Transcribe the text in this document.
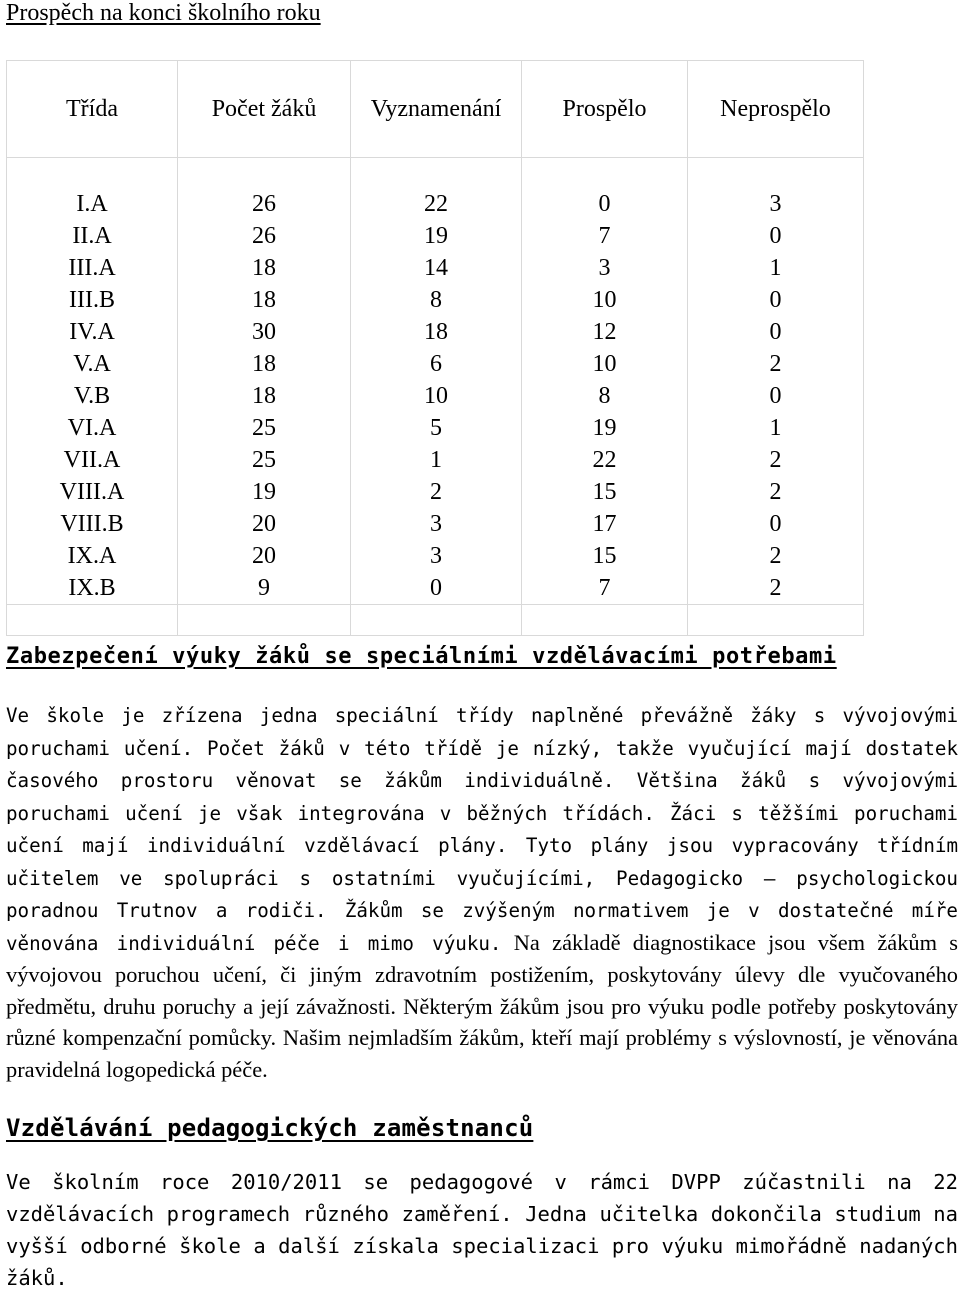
Prospěch na konci školního roku
Třída	Počet žáků	Vyznamenání	Prospělo	Neprospělo
I.A	26	22	0	3
II.A	26	19	7	0
III.A	18	14	3	1
III.B	18	8	10	0
IV.A	30	18	12	0
V.A	18	6	10	2
V.B	18	10	8	0
VI.A	25	5	19	1
VII.A	25	1	22	2
VIII.A	19	2	15	2
VIII.B	20	3	17	0
IX.A	20	3	15	2
IX.B	9	0	7	2

Zabezpečení výuky žáků se speciálními vzdělávacími potřebami
Ve škole je zřízena jedna speciální třídy naplněné převážně žáky s vývojovými poruchami učení. Počet žáků v této třídě je nízký, takže vyučující mají dostatek časového prostoru věnovat se žákům individuálně. Většina žáků s vývojovými poruchami učení je však integrována v běžných třídách. Žáci s těžšími poruchami učení mají individuální vzdělávací plány. Tyto plány jsou vypracovány třídním učitelem ve spolupráci s ostatními vyučujícími, Pedagogicko – psychologickou poradnou Trutnov a rodiči. Žákům se zvýšeným normativem je v dostatečné míře věnována individuální péče i mimo výuku. Na základě diagnostikace jsou všem žákům s vývojovou poruchou učení, či jiným zdravotním postižením, poskytovány úlevy dle vyučovaného předmětu, druhu poruchy a její závažnosti. Některým žákům jsou pro výuku podle potřeby poskytovány různé kompenzační pomůcky. Našim nejmladším žákům, kteří mají problémy s výslovností, je věnována pravidelná logopedická péče.
Vzdělávání pedagogických zaměstnanců
Ve školním roce 2010/2011 se pedagogové v rámci DVPP zúčastnili na 22 vzdělávacích programech různého zaměření. Jedna učitelka dokončila studium na vyšší odborné škole a další získala specializaci pro výuku mimořádně nadaných žáků.
